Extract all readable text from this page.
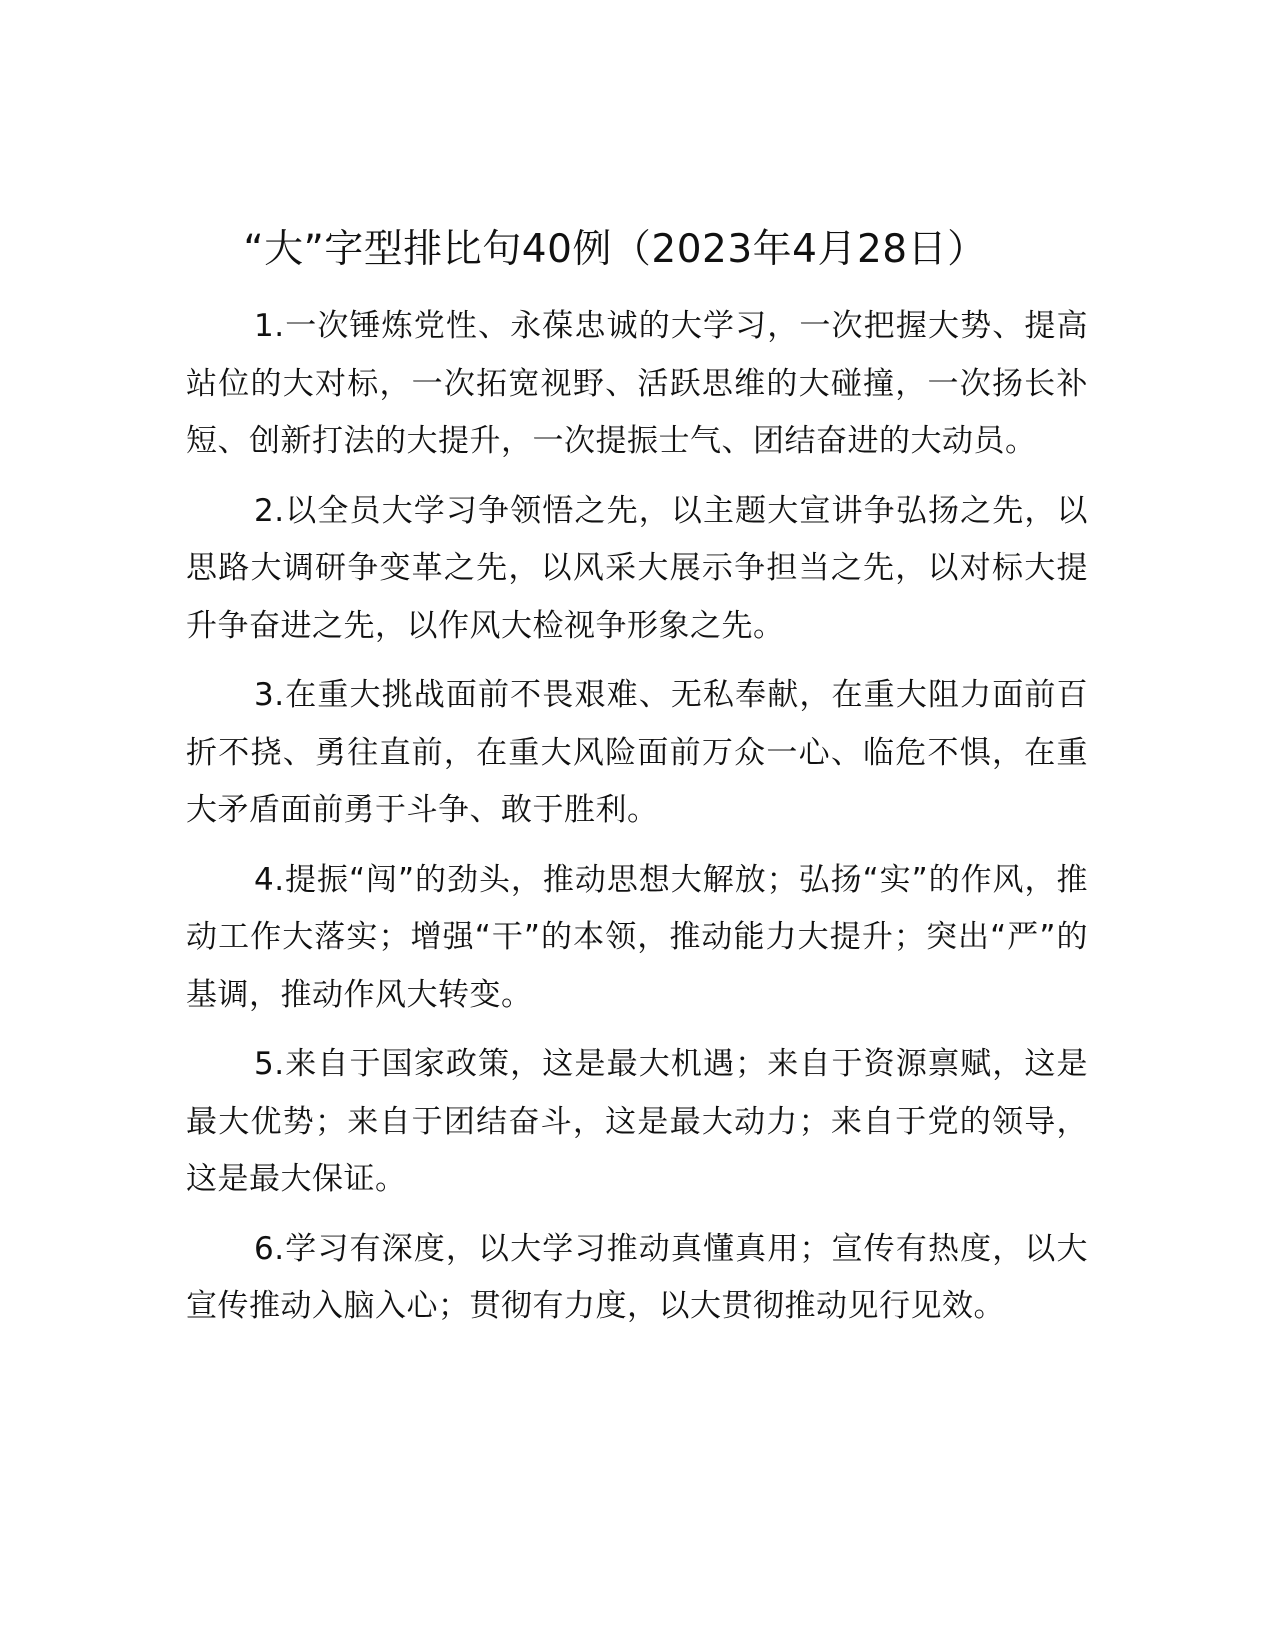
“大”字型排比句40例（2023年4月28日）

1.一次锤炼党性、永葆忠诚的大学习，一次把握大势、提高站位的大对标，一次拓宽视野、活跃思维的大碰撞，一次扬长补短、创新打法的大提升，一次提振士气、团结奋进的大动员。

2.以全员大学习争领悟之先，以主题大宣讲争弘扬之先，以思路大调研争变革之先，以风采大展示争担当之先，以对标大提升争奋进之先，以作风大检视争形象之先。

3.在重大挑战面前不畏艰难、无私奉献，在重大阻力面前百折不挠、勇往直前，在重大风险面前万众一心、临危不惧，在重大矛盾面前勇于斗争、敢于胜利。

4.提振“闯”的劲头，推动思想大解放；弘扬“实”的作风，推动工作大落实；增强“干”的本领，推动能力大提升；突出“严”的基调，推动作风大转变。

5.来自于国家政策，这是最大机遇；来自于资源禀赋，这是最大优势；来自于团结奋斗，这是最大动力；来自于党的领导，这是最大保证。

6.学习有深度，以大学习推动真懂真用；宣传有热度，以大宣传推动入脑入心；贯彻有力度，以大贯彻推动见行见效。
